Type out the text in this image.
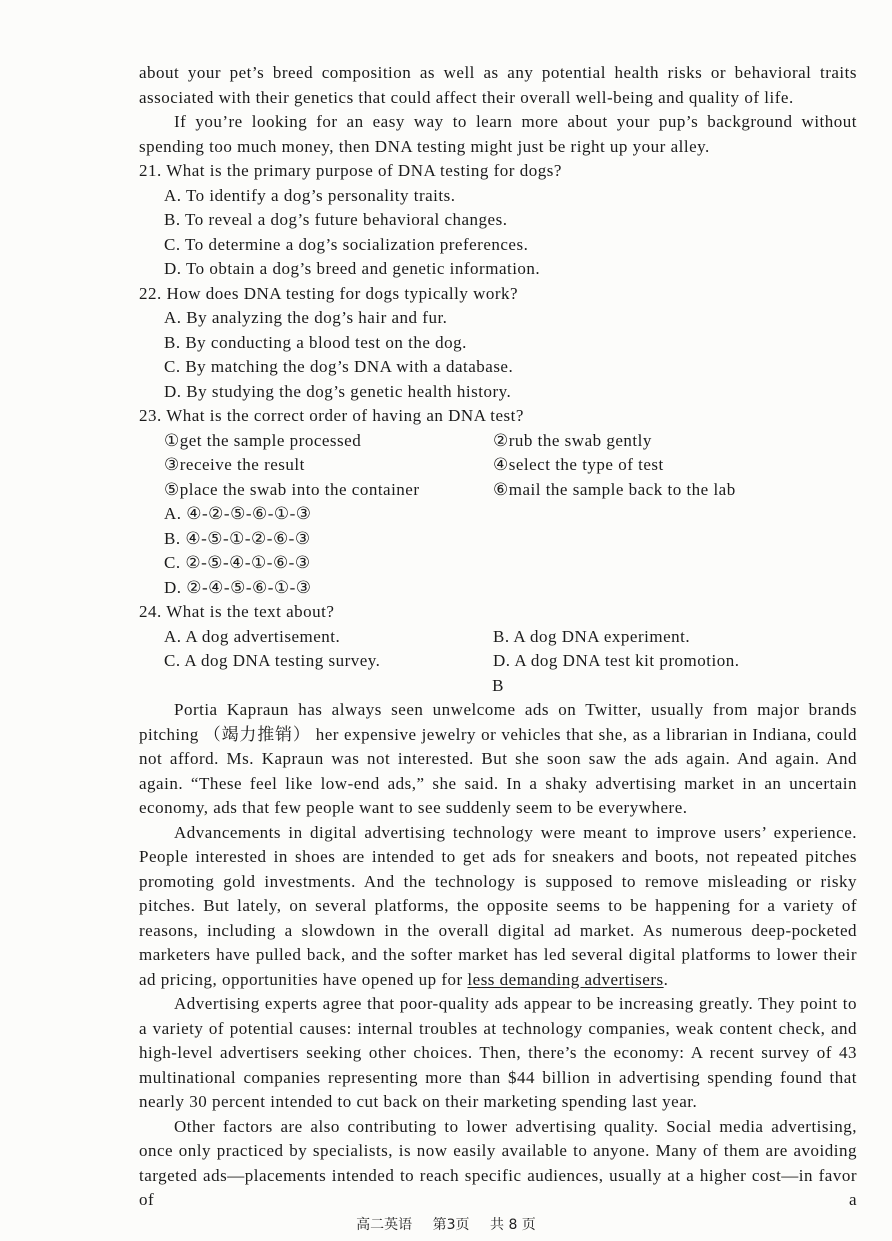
about your pet’s breed composition as well as any potential health risks or behavioral traits associated with their genetics that could affect their overall well-being and quality of life.

If you’re looking for an easy way to learn more about your pup’s background without spending too much money, then DNA testing might just be right up your alley.

21. What is the primary purpose of DNA testing for dogs?

A. To identify a dog’s personality traits.
B. To reveal a dog’s future behavioral changes.
C. To determine a dog’s socialization preferences.
D. To obtain a dog’s breed and genetic information.

22. How does DNA testing for dogs typically work?

A. By analyzing the dog’s hair and fur.
B. By conducting a blood test on the dog.
C. By matching the dog’s DNA with a database.
D. By studying the dog’s genetic health history.

23. What is the correct order of having an DNA test?

①get the sample processed	②rub the swab gently
③receive the result	④select the type of test
⑤place the swab into the container	⑥mail the sample back to the lab
A. ④-②-⑤-⑥-①-③
B. ④-⑤-①-②-⑥-③
C. ②-⑤-④-①-⑥-③
D. ②-④-⑤-⑥-①-③

24. What is the text about?

A. A dog advertisement.	B. A dog DNA experiment.
C. A dog DNA testing survey.	D. A dog DNA test kit promotion.

B

Portia Kapraun has always seen unwelcome ads on Twitter, usually from major brands pitching （竭力推销） her expensive jewelry or vehicles that she, as a librarian in Indiana, could not afford. Ms. Kapraun was not interested. But she soon saw the ads again. And again. And again. “These feel like low-end ads,” she said. In a shaky advertising market in an uncertain economy, ads that few people want to see suddenly seem to be everywhere.

Advancements in digital advertising technology were meant to improve users’ experience. People interested in shoes are intended to get ads for sneakers and boots, not repeated pitches promoting gold investments. And the technology is supposed to remove misleading or risky pitches. But lately, on several platforms, the opposite seems to be happening for a variety of reasons, including a slowdown in the overall digital ad market. As numerous deep-pocketed marketers have pulled back, and the softer market has led several digital platforms to lower their ad pricing, opportunities have opened up for less demanding advertisers.

Advertising experts agree that poor-quality ads appear to be increasing greatly. They point to a variety of potential causes: internal troubles at technology companies, weak content check, and high-level advertisers seeking other choices. Then, there’s the economy: A recent survey of 43 multinational companies representing more than $44 billion in advertising spending found that nearly 30 percent intended to cut back on their marketing spending last year.

Other factors are also contributing to lower advertising quality. Social media advertising, once only practiced by specialists, is now easily available to anyone. Many of them are avoiding targeted ads—placements intended to reach specific audiences, usually at a higher cost—in favor of a

高二英语 第3页 共 8 页
